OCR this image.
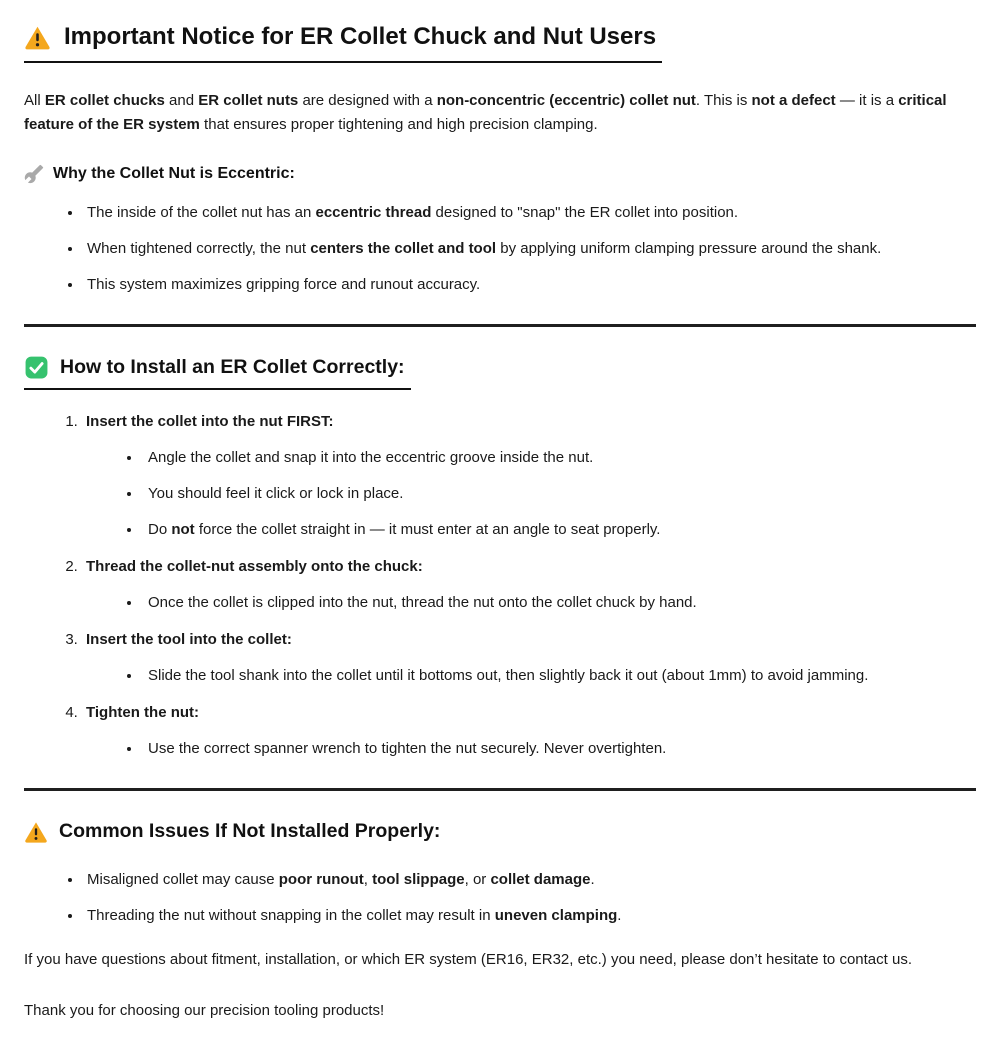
Important Notice for ER Collet Chuck and Nut Users

All ER collet chucks and ER collet nuts are designed with a non-concentric (eccentric) collet nut. This is not a defect — it is a critical feature of the ER system that ensures proper tightening and high precision clamping.

Why the Collet Nut is Eccentric:
• The inside of the collet nut has an eccentric thread designed to "snap" the ER collet into position.
• When tightened correctly, the nut centers the collet and tool by applying uniform clamping pressure around the shank.
• This system maximizes gripping force and runout accuracy.
How to Install an ER Collet Correctly:
1. Insert the collet into the nut FIRST:
• Angle the collet and snap it into the eccentric groove inside the nut.
• You should feel it click or lock in place.
• Do not force the collet straight in — it must enter at an angle to seat properly.
2. Thread the collet-nut assembly onto the chuck:
• Once the collet is clipped into the nut, thread the nut onto the collet chuck by hand.
3. Insert the tool into the collet:
• Slide the tool shank into the collet until it bottoms out, then slightly back it out (about 1mm) to avoid jamming.
4. Tighten the nut:
• Use the correct spanner wrench to tighten the nut securely. Never overtighten.
Common Issues If Not Installed Properly:
• Misaligned collet may cause poor runout, tool slippage, or collet damage.
• Threading the nut without snapping in the collet may result in uneven clamping.

If you have questions about fitment, installation, or which ER system (ER16, ER32, etc.) you need, please don’t hesitate to contact us.

Thank you for choosing our precision tooling products!
